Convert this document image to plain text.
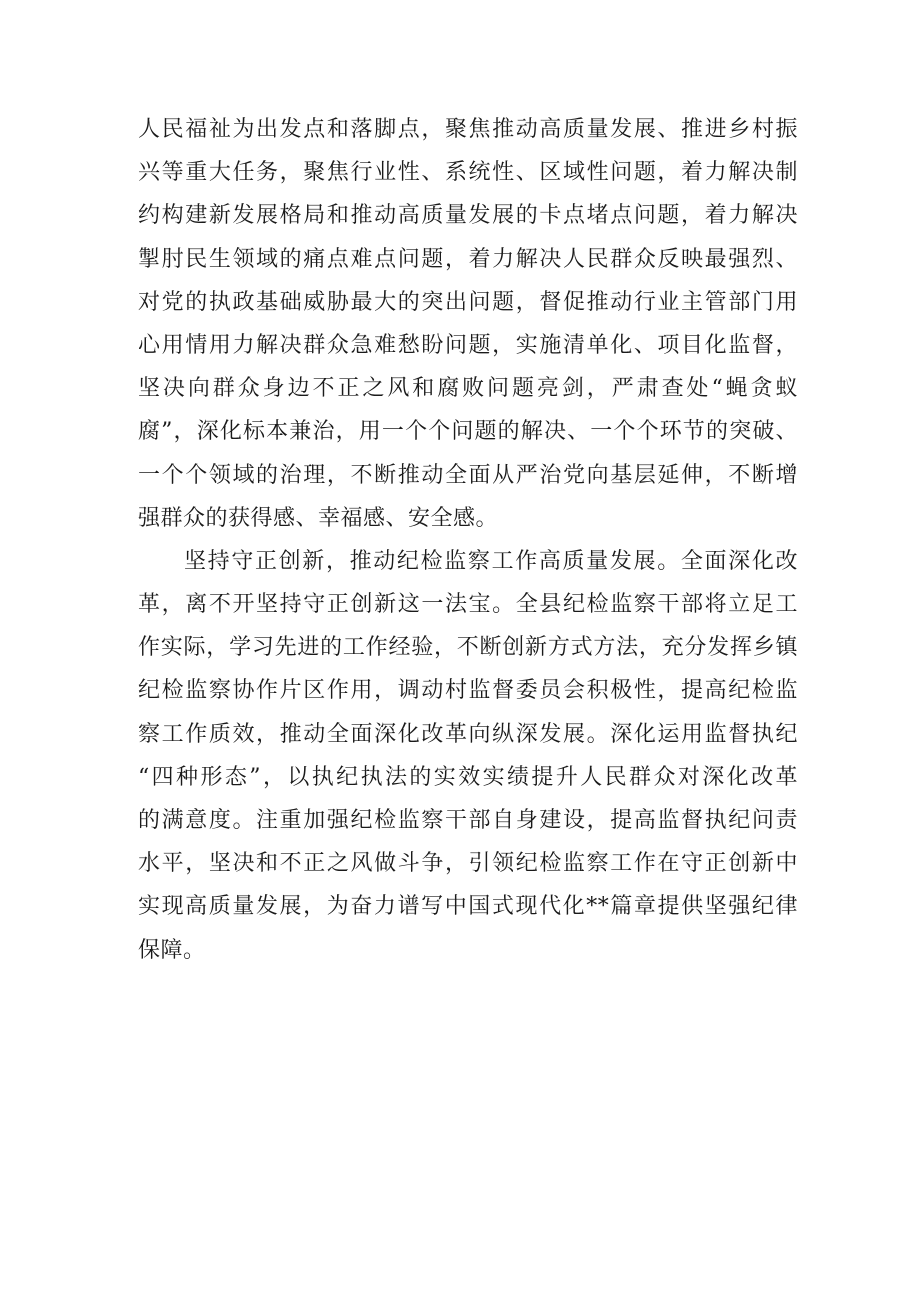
人民福祉为出发点和落脚点，聚焦推动高质量发展、推进乡村振
兴等重大任务，聚焦行业性、系统性、区域性问题，着力解决制
约构建新发展格局和推动高质量发展的卡点堵点问题，着力解决
掣肘民生领域的痛点难点问题，着力解决人民群众反映最强烈、
对党的执政基础威胁最大的突出问题，督促推动行业主管部门用
心用情用力解决群众急难愁盼问题，实施清单化、项目化监督，
坚决向群众身边不正之风和腐败问题亮剑，严肃查处“蝇贪蚁
腐”，深化标本兼治，用一个个问题的解决、一个个环节的突破、
一个个领域的治理，不断推动全面从严治党向基层延伸，不断增
强群众的获得感、幸福感、安全感。
坚持守正创新，推动纪检监察工作高质量发展。全面深化改
革，离不开坚持守正创新这一法宝。全县纪检监察干部将立足工
作实际，学习先进的工作经验，不断创新方式方法，充分发挥乡镇
纪检监察协作片区作用，调动村监督委员会积极性，提高纪检监
察工作质效，推动全面深化改革向纵深发展。深化运用监督执纪
“四种形态”，以执纪执法的实效实绩提升人民群众对深化改革
的满意度。注重加强纪检监察干部自身建设，提高监督执纪问责
水平，坚决和不正之风做斗争，引领纪检监察工作在守正创新中
实现高质量发展，为奋力谱写中国式现代化**篇章提供坚强纪律
保障。
